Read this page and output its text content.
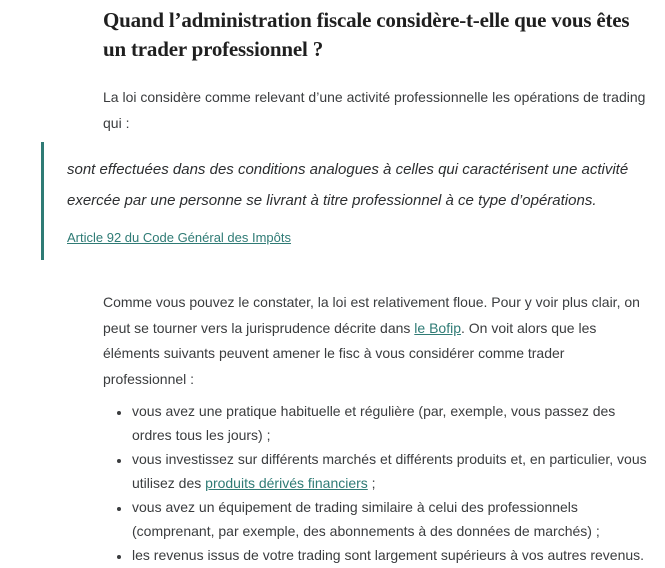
Quand l’administration fiscale considère-t-elle que vous êtes un trader professionnel ?

La loi considère comme relevant d’une activité professionnelle les opérations de trading qui :

sont effectuées dans des conditions analogues à celles qui caractérisent une activité exercée par une personne se livrant à titre professionnel à ce type d’opérations.

Article 92 du Code Général des Impôts

Comme vous pouvez le constater, la loi est relativement floue. Pour y voir plus clair, on peut se tourner vers la jurisprudence décrite dans le Bofip. On voit alors que les éléments suivants peuvent amener le fisc à vous considérer comme trader professionnel :

• vous avez une pratique habituelle et régulière (par, exemple, vous passez des ordres tous les jours) ;
• vous investissez sur différents marchés et différents produits et, en particulier, vous utilisez des produits dérivés financiers ;
• vous avez un équipement de trading similaire à celui des professionnels (comprenant, par exemple, des abonnements à des données de marchés) ;
• les revenus issus de votre trading sont largement supérieurs à vos autres revenus.
